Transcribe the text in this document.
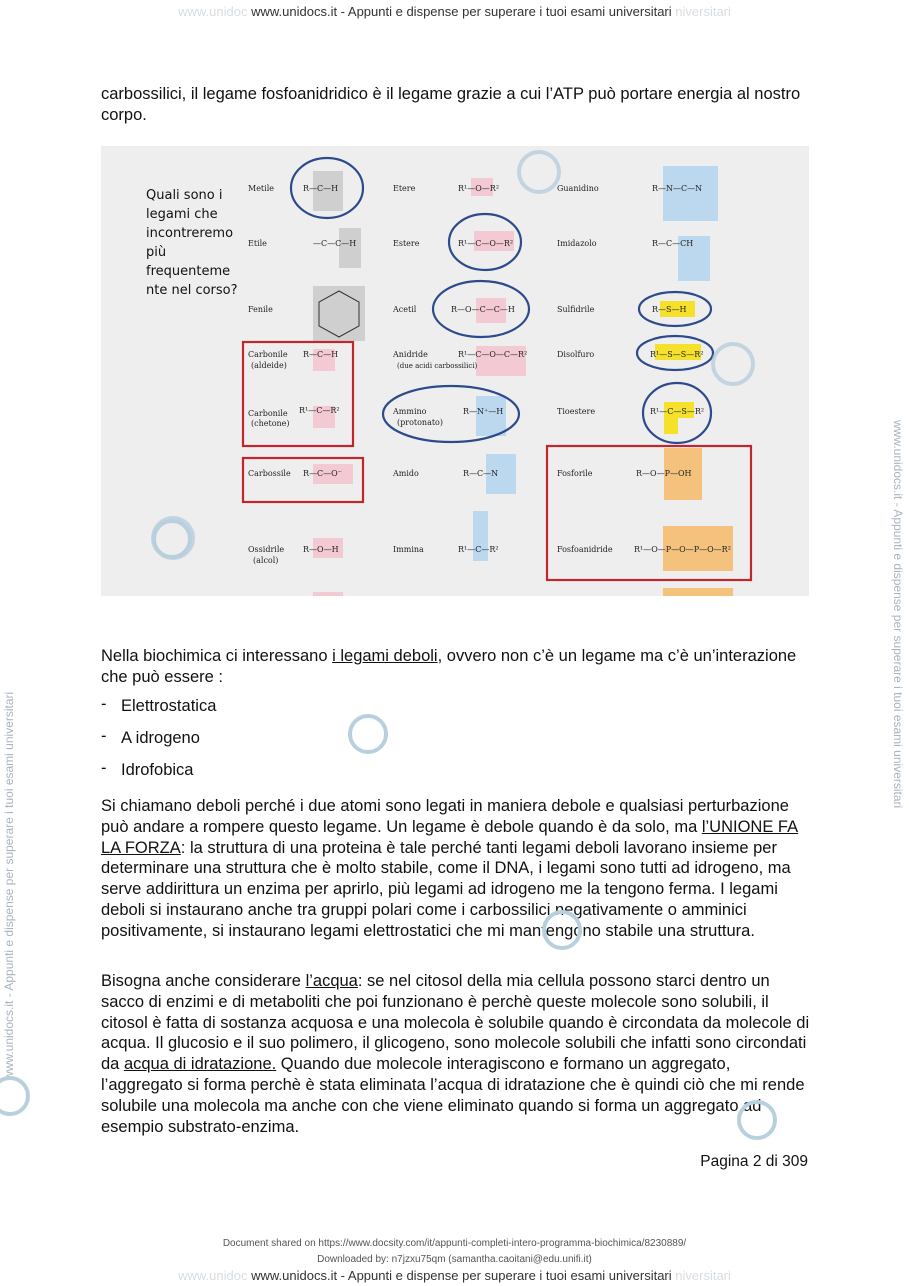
www.unidoc www.unidocs.it - Appunti e dispense per superare i tuoi esami universitari niversitari
www.unidocs.it - Appunti e dispense per superare i tuoi esami universitari
www.unidocs.it - Appunti e dispense per superare i tuoi esami universitari

carbossilici, il legame fosfoanidridico è il legame grazie a cui l’ATP può portare energia al nostro corpo.

Quali sono i
legami che
incontreremo
più
frequenteme
nte nel corso?
Metile
Etile
Fenile
Carbonile
(aldeide)
Carbonile
(chetone)
Carbossile
Ossidrile
(alcol)
Etere
Estere
Acetil
Anidride
(due acidi carbossilici)
Ammino
(protonato)
Amido
Immina
Guanidino
Imidazolo
Sulfidrile
Disolfuro
Tioestere
Fosforile
Fosfoanidride
R—C—H
—C—C—H
R—C—H
R¹—C—R²
R—C—O⁻
R—O—H
R¹—O—R²
R¹—C—O—R²
R—O—C—C—H
R¹—C—O—C—R²
R—N⁺—H
R—C—N
R¹—C—R²
R—N—C—N
R—C—CH
R—S—H
R¹—S—S—R²
R¹—C—S—R²
R—O—P—OH
R¹—O—P—O—P—O—R²

Nella biochimica ci interessano i legami deboli, ovvero non c’è un legame ma c’è un’interazione che può essere :

- Elettrostatica
- A idrogeno
- Idrofobica

Si chiamano deboli perché i due atomi sono legati in maniera debole e qualsiasi perturbazione può andare a rompere questo legame. Un legame è debole quando è da solo, ma l’UNIONE FA LA FORZA: la struttura di una proteina è tale perché tanti legami deboli lavorano insieme per determinare una struttura che è molto stabile, come il DNA, i legami sono tutti ad idrogeno, ma serve addirittura un enzima per aprirlo, più legami ad idrogeno me la tengono ferma. I legami deboli si instaurano anche tra gruppi polari come i carbossilici negativamente o amminici positivamente, si instaurano legami elettrostatici che mi mantengono stabile una struttura.

Bisogna anche considerare l’acqua: se nel citosol della mia cellula possono starci dentro un sacco di enzimi e di metaboliti che poi funzionano è perchè queste molecole sono solubili, il citosol è fatta di sostanza acquosa e una molecola è solubile quando è circondata da molecole di acqua. Il glucosio e il suo polimero, il glicogeno, sono molecole solubili che infatti sono circondati da acqua di idratazione. Quando due molecole interagiscono e formano un aggregato, l’aggregato si forma perchè è stata eliminata l’acqua di idratazione che è quindi ciò che mi rende solubile una molecola ma anche con che viene eliminato quando si forma un aggregato ad esempio substrato-enzima.

Pagina 2 di 309
Document shared on https://www.docsity.com/it/appunti-completi-intero-programma-biochimica/8230889/
Downloaded by: n7jzxu75qm (samantha.caoitani@edu.unifi.it)
www.unidoc www.unidocs.it - Appunti e dispense per superare i tuoi esami universitari niversitari
